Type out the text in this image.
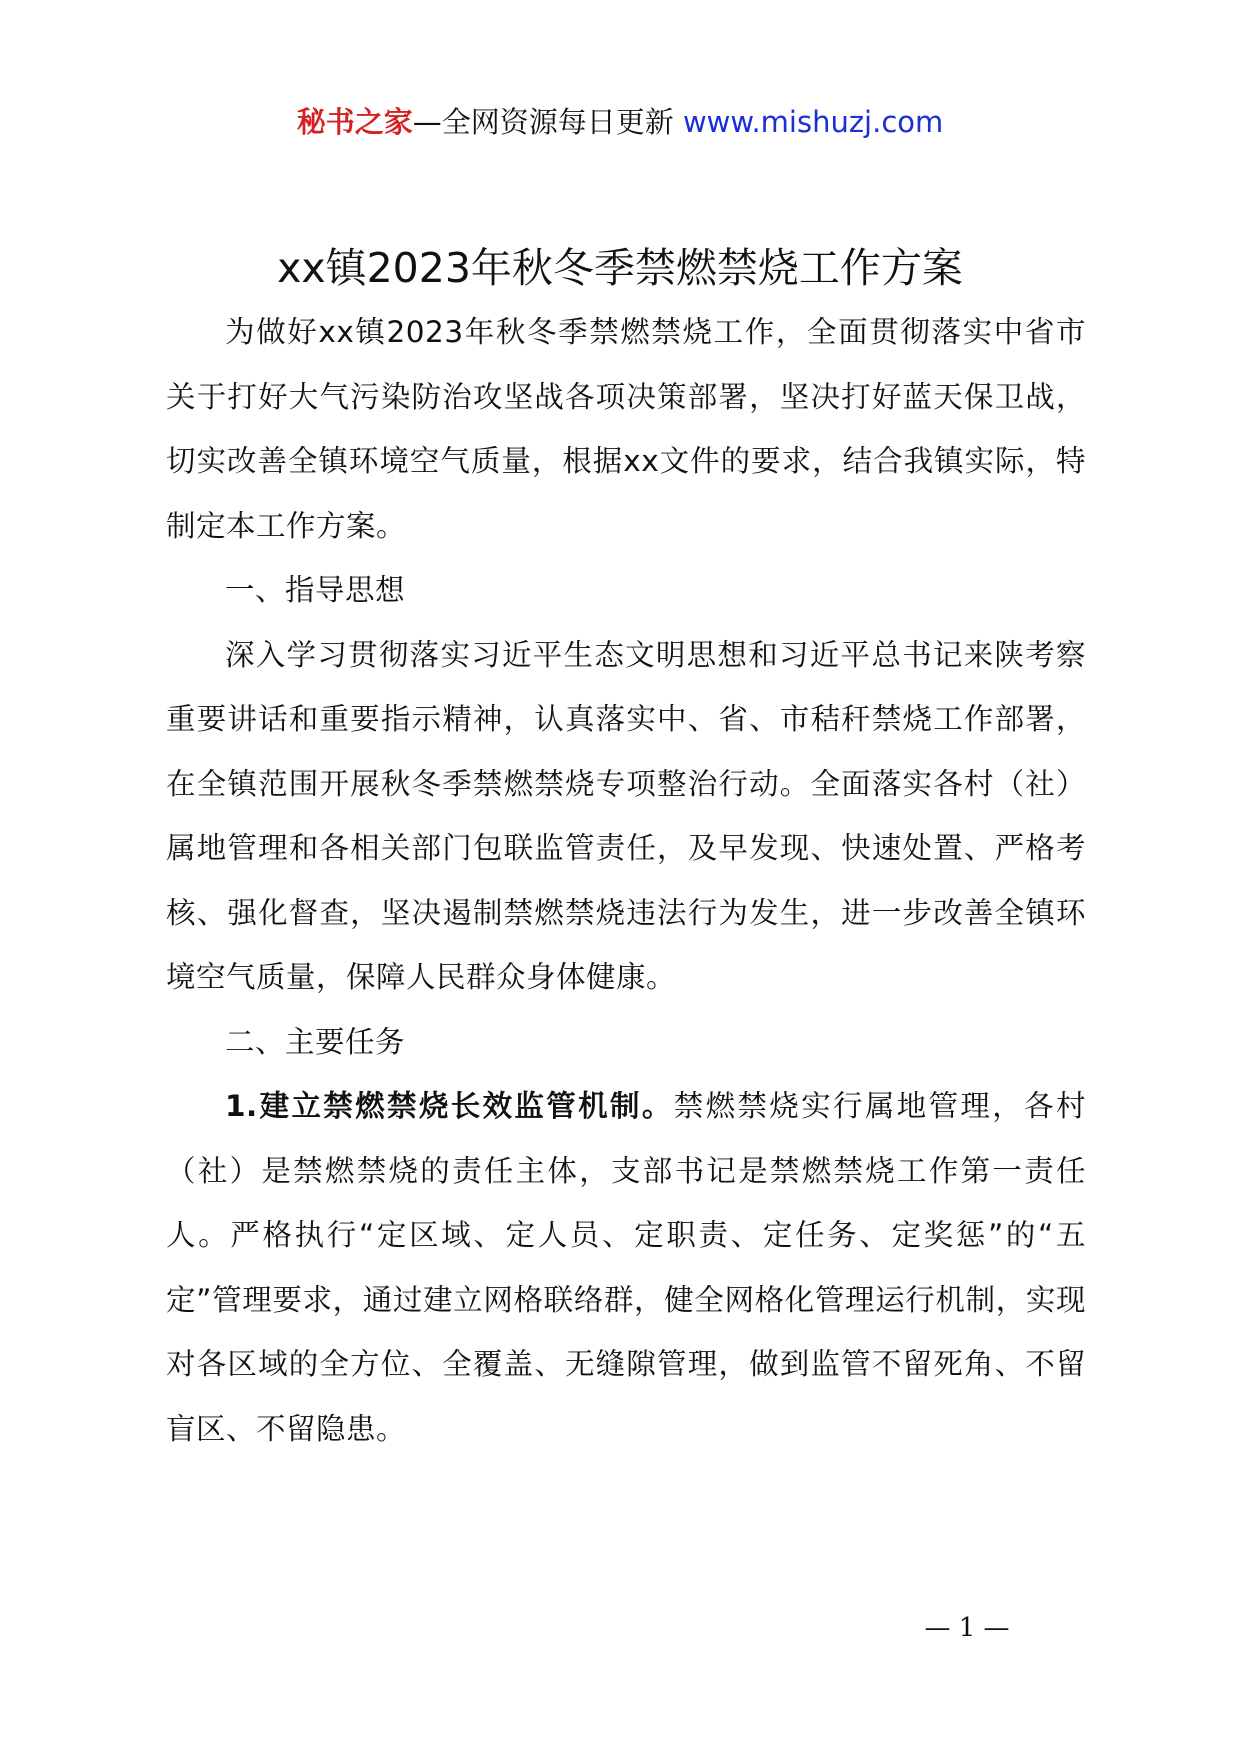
秘书之家—全网资源每日更新 www.mishuzj.com
xx镇2023年秋冬季禁燃禁烧工作方案

为做好xx镇2023年秋冬季禁燃禁烧工作，全面贯彻落实中省市关于打好大气污染防治攻坚战各项决策部署，坚决打好蓝天保卫战，切实改善全镇环境空气质量，根据xx文件的要求，结合我镇实际，特制定本工作方案。

一、指导思想

深入学习贯彻落实习近平生态文明思想和习近平总书记来陕考察重要讲话和重要指示精神，认真落实中、省、市秸秆禁烧工作部署，在全镇范围开展秋冬季禁燃禁烧专项整治行动。全面落实各村（社）属地管理和各相关部门包联监管责任，及早发现、快速处置、严格考核、强化督查，坚决遏制禁燃禁烧违法行为发生，进一步改善全镇环境空气质量，保障人民群众身体健康。

二、主要任务

1.建立禁燃禁烧长效监管机制。禁燃禁烧实行属地管理，各村（社）是禁燃禁烧的责任主体，支部书记是禁燃禁烧工作第一责任人。严格执行“定区域、定人员、定职责、定任务、定奖惩”的“五定”管理要求，通过建立网格联络群，健全网格化管理运行机制，实现对各区域的全方位、全覆盖、无缝隙管理，做到监管不留死角、不留盲区、不留隐患。

— 1 —
